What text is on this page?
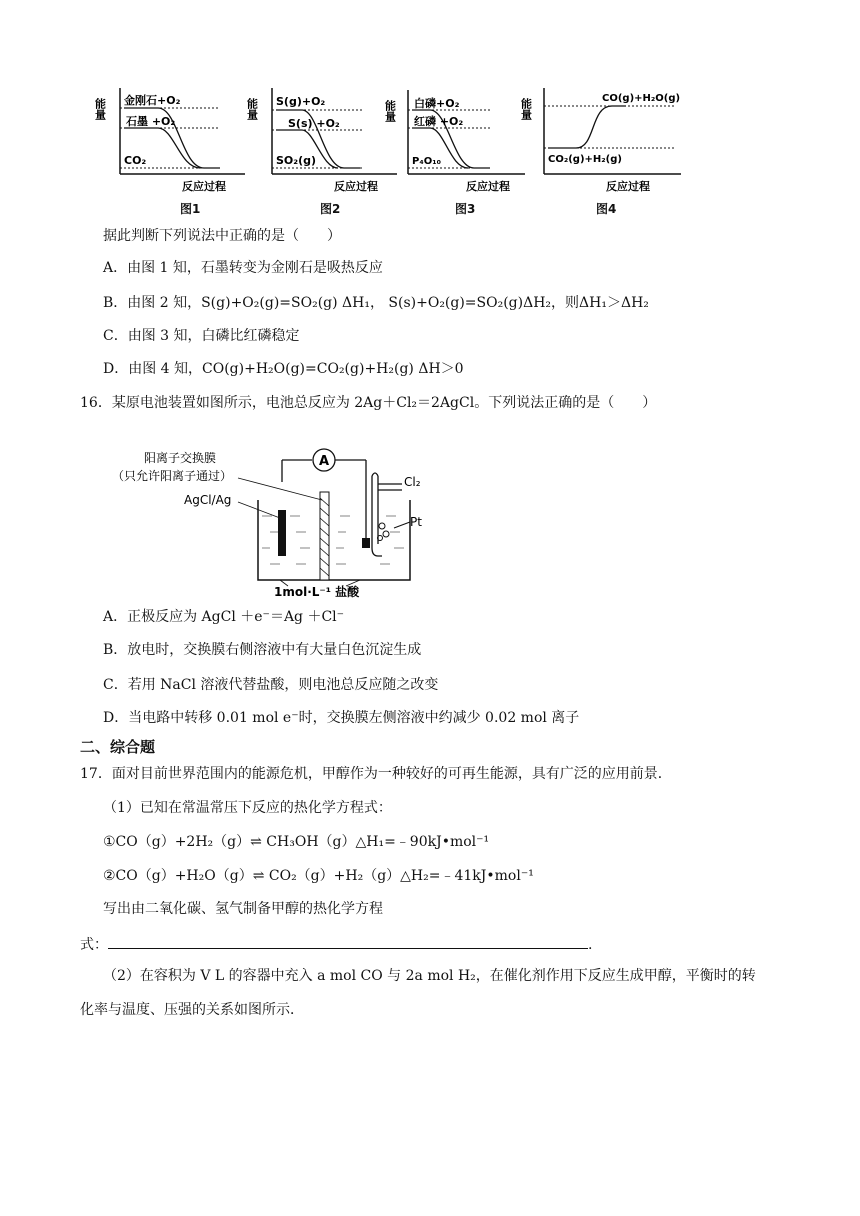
能量 金刚石+O₂
石墨 +O₂
CO₂
反应过程
图1
能量 S(g)+O₂
S(s) +O₂
SO₂(g)
反应过程
图2
能量 白磷+O₂
红磷 +O₂
P₄O₁₀
反应过程
图3
能量	CO(g)+H₂O(g)
CO₂(g)+H₂(g)
反应过程
图4
据此判断下列说法中正确的是（　　）
A．由图 1 知，石墨转变为金刚石是吸热反应
B．由图 2 知，S(g)+O₂(g)=SO₂(g) ΔH₁， S(s)+O₂(g)=SO₂(g)ΔH₂，则ΔH₁＞ΔH₂
C．由图 3 知，白磷比红磷稳定
D．由图 4 知，CO(g)+H₂O(g)=CO₂(g)+H₂(g) ΔH＞0
16．某原电池装置如图所示，电池总反应为 2Ag＋Cl₂＝2AgCl。下列说法正确的是（　　）
A
Cl₂
Pt
阳离子交换膜
（只允许阳离子通过）
AgCl/Ag
1mol·L⁻¹ 盐酸
A．正极反应为 AgCl ＋e⁻＝Ag ＋Cl⁻
B．放电时，交换膜右侧溶液中有大量白色沉淀生成
C．若用 NaCl 溶液代替盐酸，则电池总反应随之改变
D．当电路中转移 0.01 mol e⁻时，交换膜左侧溶液中约减少 0.02 mol 离子
二、综合题
17．面对目前世界范围内的能源危机，甲醇作为一种较好的可再生能源，具有广泛的应用前景．
（1）已知在常温常压下反应的热化学方程式：
①CO（g）+2H₂（g）⇌ CH₃OH（g）△H₁=﹣90kJ•mol⁻¹
②CO（g）+H₂O（g）⇌ CO₂（g）+H₂（g）△H₂=﹣41kJ•mol⁻¹
写出由二氧化碳、氢气制备甲醇的热化学方程
式：	.
（2）在容积为 V L 的容器中充入 a mol CO 与 2a mol H₂，在催化剂作用下反应生成甲醇，平衡时的转
化率与温度、压强的关系如图所示．
